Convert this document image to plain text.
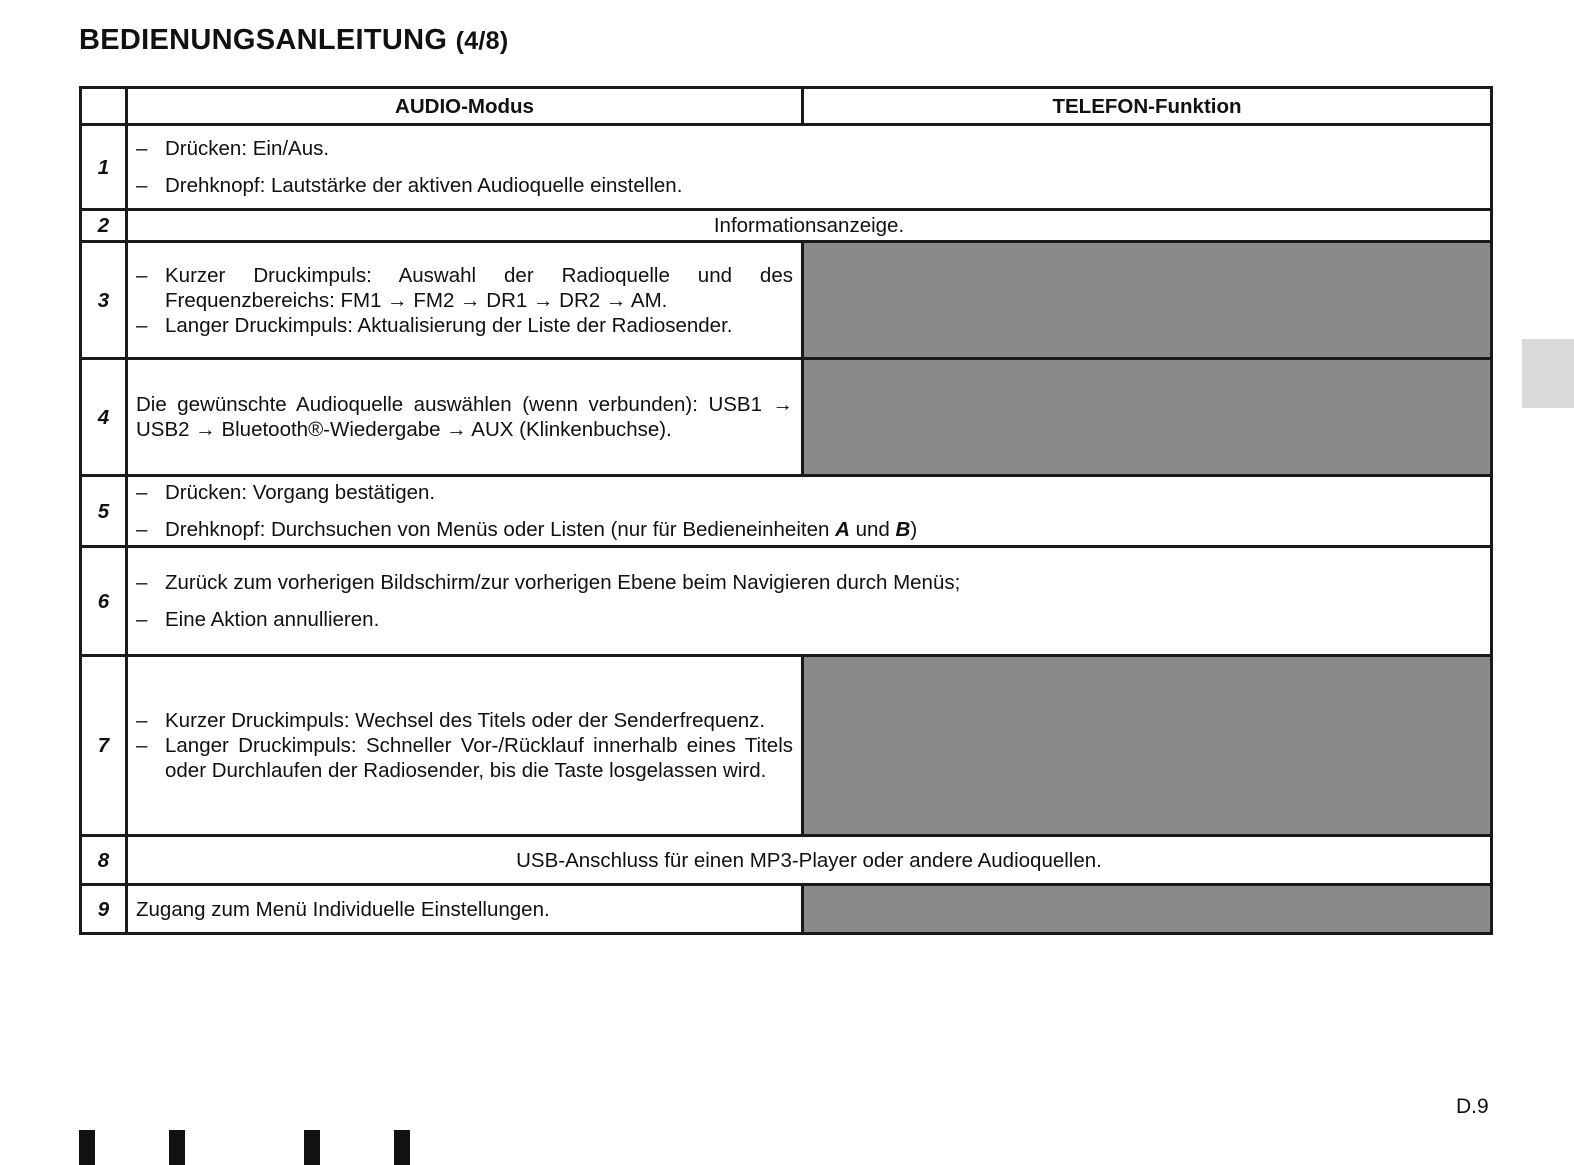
BEDIENUNGSANLEITUNG (4/8)
	AUDIO-Modus	TELEFON-Funktion
1	– Drücken: Ein/Aus.
– Drehknopf: Lautstärke der aktiven Audioquelle einstellen.	

2	Informationsanzeige.	
3	– Kurzer Druckimpuls: Auswahl der Radioquelle und des Frequenzbereichs: FM1 → FM2 → DR1 → DR2 → AM.
– Langer Druckimpuls: Aktualisierung der Liste der Radiosender.	

4	Die gewünschte Audioquelle auswählen (wenn verbunden): USB1 → USB2 → Bluetooth®-Wiedergabe → AUX (Klinkenbuchse).	
5	– Drücken: Vorgang bestätigen.
– Drehknopf: Durchsuchen von Menüs oder Listen (nur für Bedieneinheiten A und B)	

6	– Zurück zum vorherigen Bildschirm/zur vorherigen Ebene beim Navigieren durch Menüs;
– Eine Aktion annullieren.	

7	– Kurzer Druckimpuls: Wechsel des Titels oder der Senderfrequenz.
– Langer Druckimpuls: Schneller Vor-/Rücklauf innerhalb eines Titels oder Durchlaufen der Radiosender, bis die Taste losgelassen wird.	

8	USB-Anschluss für einen MP3-Player oder andere Audioquellen.	
9	Zugang zum Menü Individuelle Einstellungen.	
D.9
